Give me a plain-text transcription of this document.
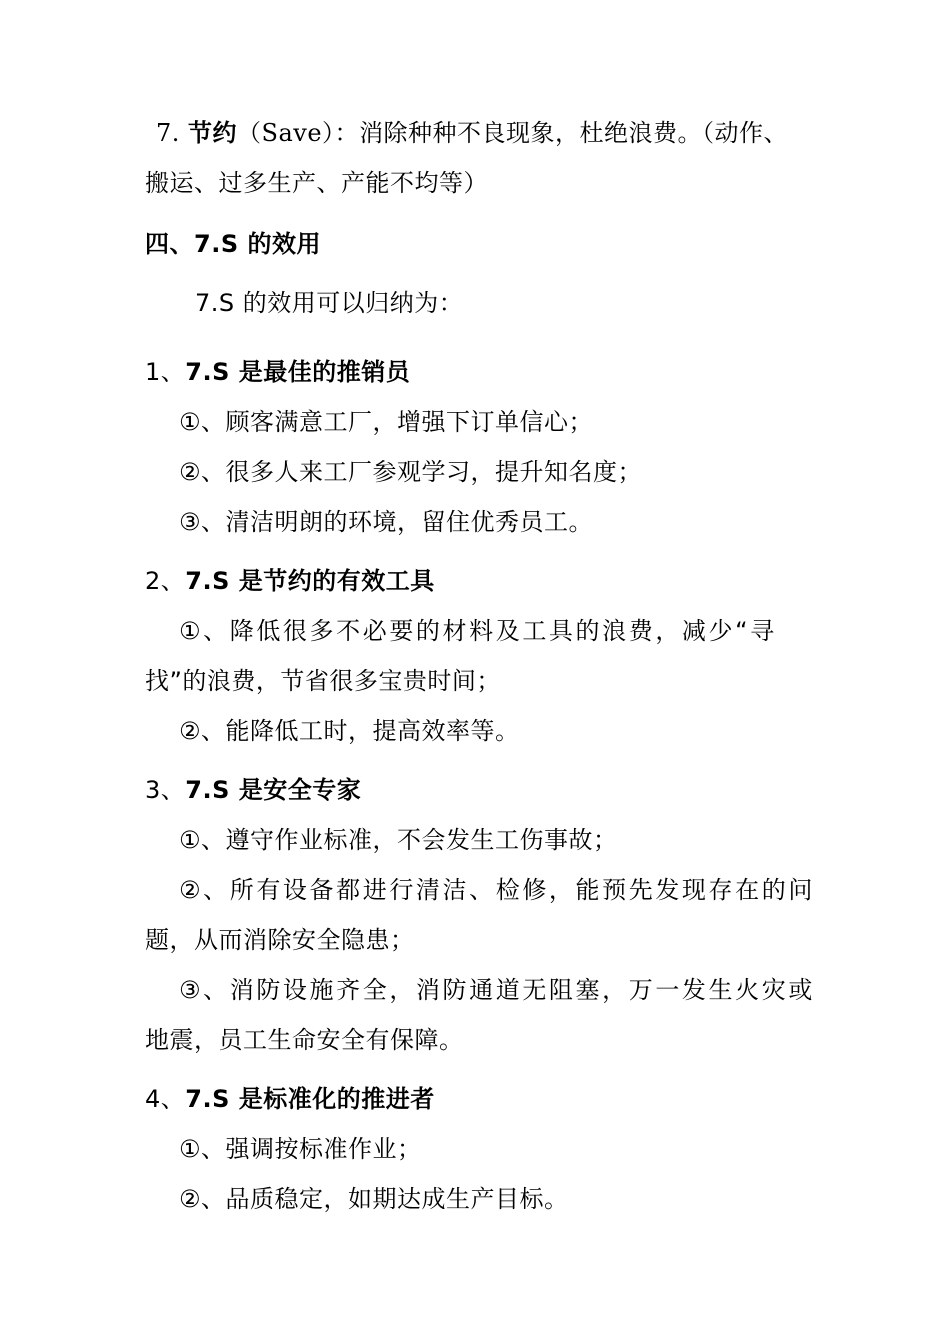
7. 节约（Save）：消除种种不良现象，杜绝浪费。（动作、
搬运、过多生产、产能不均等）
四、7.S 的效用
7.S 的效用可以归纳为：
1、7.S 是最佳的推销员
①、顾客满意工厂，增强下订单信心；
②、很多人来工厂参观学习，提升知名度；
③、清洁明朗的环境，留住优秀员工。
2、7.S 是节约的有效工具
①、降低很多不必要的材料及工具的浪费，减少“寻
找”的浪费，节省很多宝贵时间；
②、能降低工时，提高效率等。
3、7.S 是安全专家
①、遵守作业标准，不会发生工伤事故；
②、所有设备都进行清洁、检修，能预先发现存在的问
题，从而消除安全隐患；
③、消防设施齐全，消防通道无阻塞，万一发生火灾或
地震，员工生命安全有保障。
4、7.S 是标准化的推进者
①、强调按标准作业；
②、品质稳定，如期达成生产目标。
